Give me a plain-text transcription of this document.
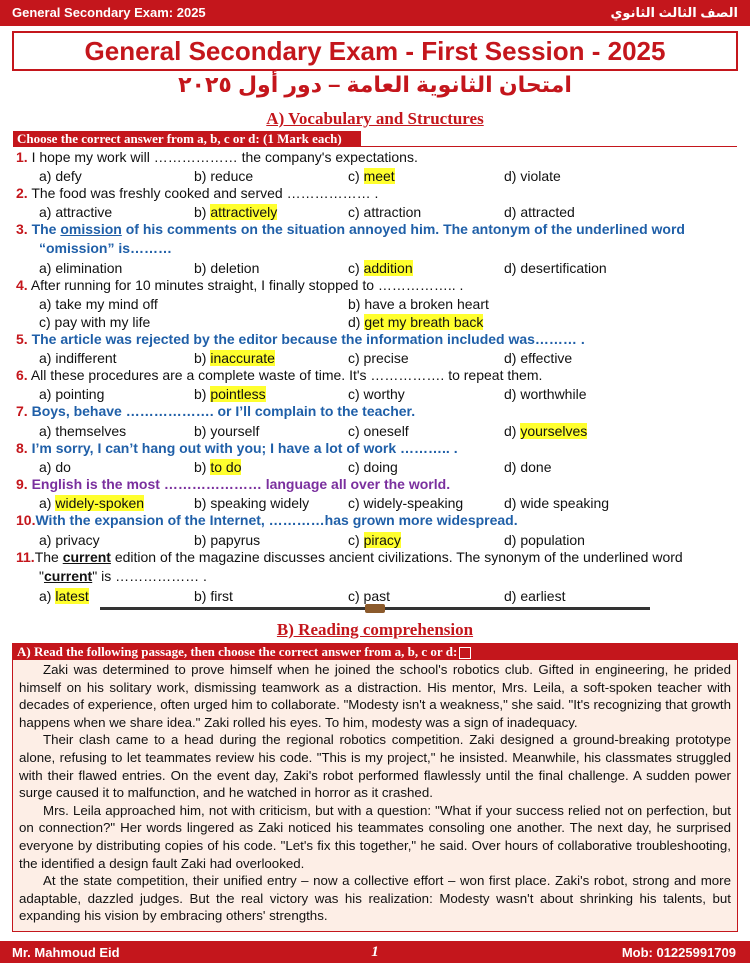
General Secondary Exam: 2025	الصف الثالث الثانوي
General Secondary Exam - First Session - 2025
امتحان الثانوية العامة – دور أول ٢٠٢٥
A) Vocabulary and Structures
Choose the correct answer from a, b, c or d: (1 Mark each)
1. I hope my work will ……………… the company's expectations.
a) defy	b) reduce	c) meet	d) violate
2. The food was freshly cooked and served ……………… .
a) attractive	b) attractively	c) attraction	d) attracted
3. The omission of his comments on the situation annoyed him. The antonym of the underlined word
“omission” is………
a) elimination	b) deletion	c) addition	d) desertification
4. After running for 10 minutes straight, I finally stopped to …………….. .
a) take my mind off	b) have a broken heart
c) pay with my life	d) get my breath back
5. The article was rejected by the editor because the information included was……… .
a) indifferent	b) inaccurate	c) precise	d) effective
6. All these procedures are a complete waste of time. It's ……………. to repeat them.
a) pointing	b) pointless	c) worthy	d) worthwhile
7. Boys, behave ………………. or I’ll complain to the teacher.
a) themselves	b) yourself	c) oneself	d) yourselves
8. I’m sorry, I can’t hang out with you; I have a lot of work ……….. .
a) do	b) to do	c) doing	d) done
9. English is the most ………………… language all over the world.
a) widely-spoken	b) speaking widely	c) widely-speaking	d) wide speaking
10.With the expansion of the Internet, …………has grown more widespread.
a) privacy	b) papyrus	c) piracy	d) population
11.The current edition of the magazine discusses ancient civilizations. The synonym of the underlined word
"current" is ……………… .
a) latest	b) first	c) past	d) earliest
B) Reading comprehension
A) Read the following passage, then choose the correct answer from a, b, c or d:

Zaki was determined to prove himself when he joined the school's robotics club. Gifted in engineering, he prided himself on his solitary work, dismissing teamwork as a distraction. His mentor, Mrs. Leila, a soft-spoken teacher with decades of experience, often urged him to collaborate. "Modesty isn't a weakness," she said. "It's recognizing that growth happens when we share idea." Zaki rolled his eyes. To him, modesty was a sign of inadequacy.

Their clash came to a head during the regional robotics competition. Zaki designed a ground-breaking prototype alone, refusing to let teammates review his code. "This is my project," he insisted. Meanwhile, his classmates struggled with their flawed entries. On the event day, Zaki's robot performed flawlessly until the final challenge. A sudden power surge caused it to malfunction, and he watched in horror as it crashed.

Mrs. Leila approached him, not with criticism, but with a question: "What if your success relied not on perfection, but on connection?" Her words lingered as Zaki noticed his teammates consoling one another. The next day, he surprised everyone by distributing copies of his code. "Let's fix this together," he said. Over hours of collaborative troubleshooting, the identified a design fault Zaki had overlooked.

At the state competition, their unified entry – now a collective effort – won first place. Zaki's robot, strong and more adaptable, dazzled judges. But the real victory was his realization: Modesty wasn't about shrinking his talents, but expanding his vision by embracing others' strengths.

Mr. Mahmoud Eid	1	Mob: 01225991709
